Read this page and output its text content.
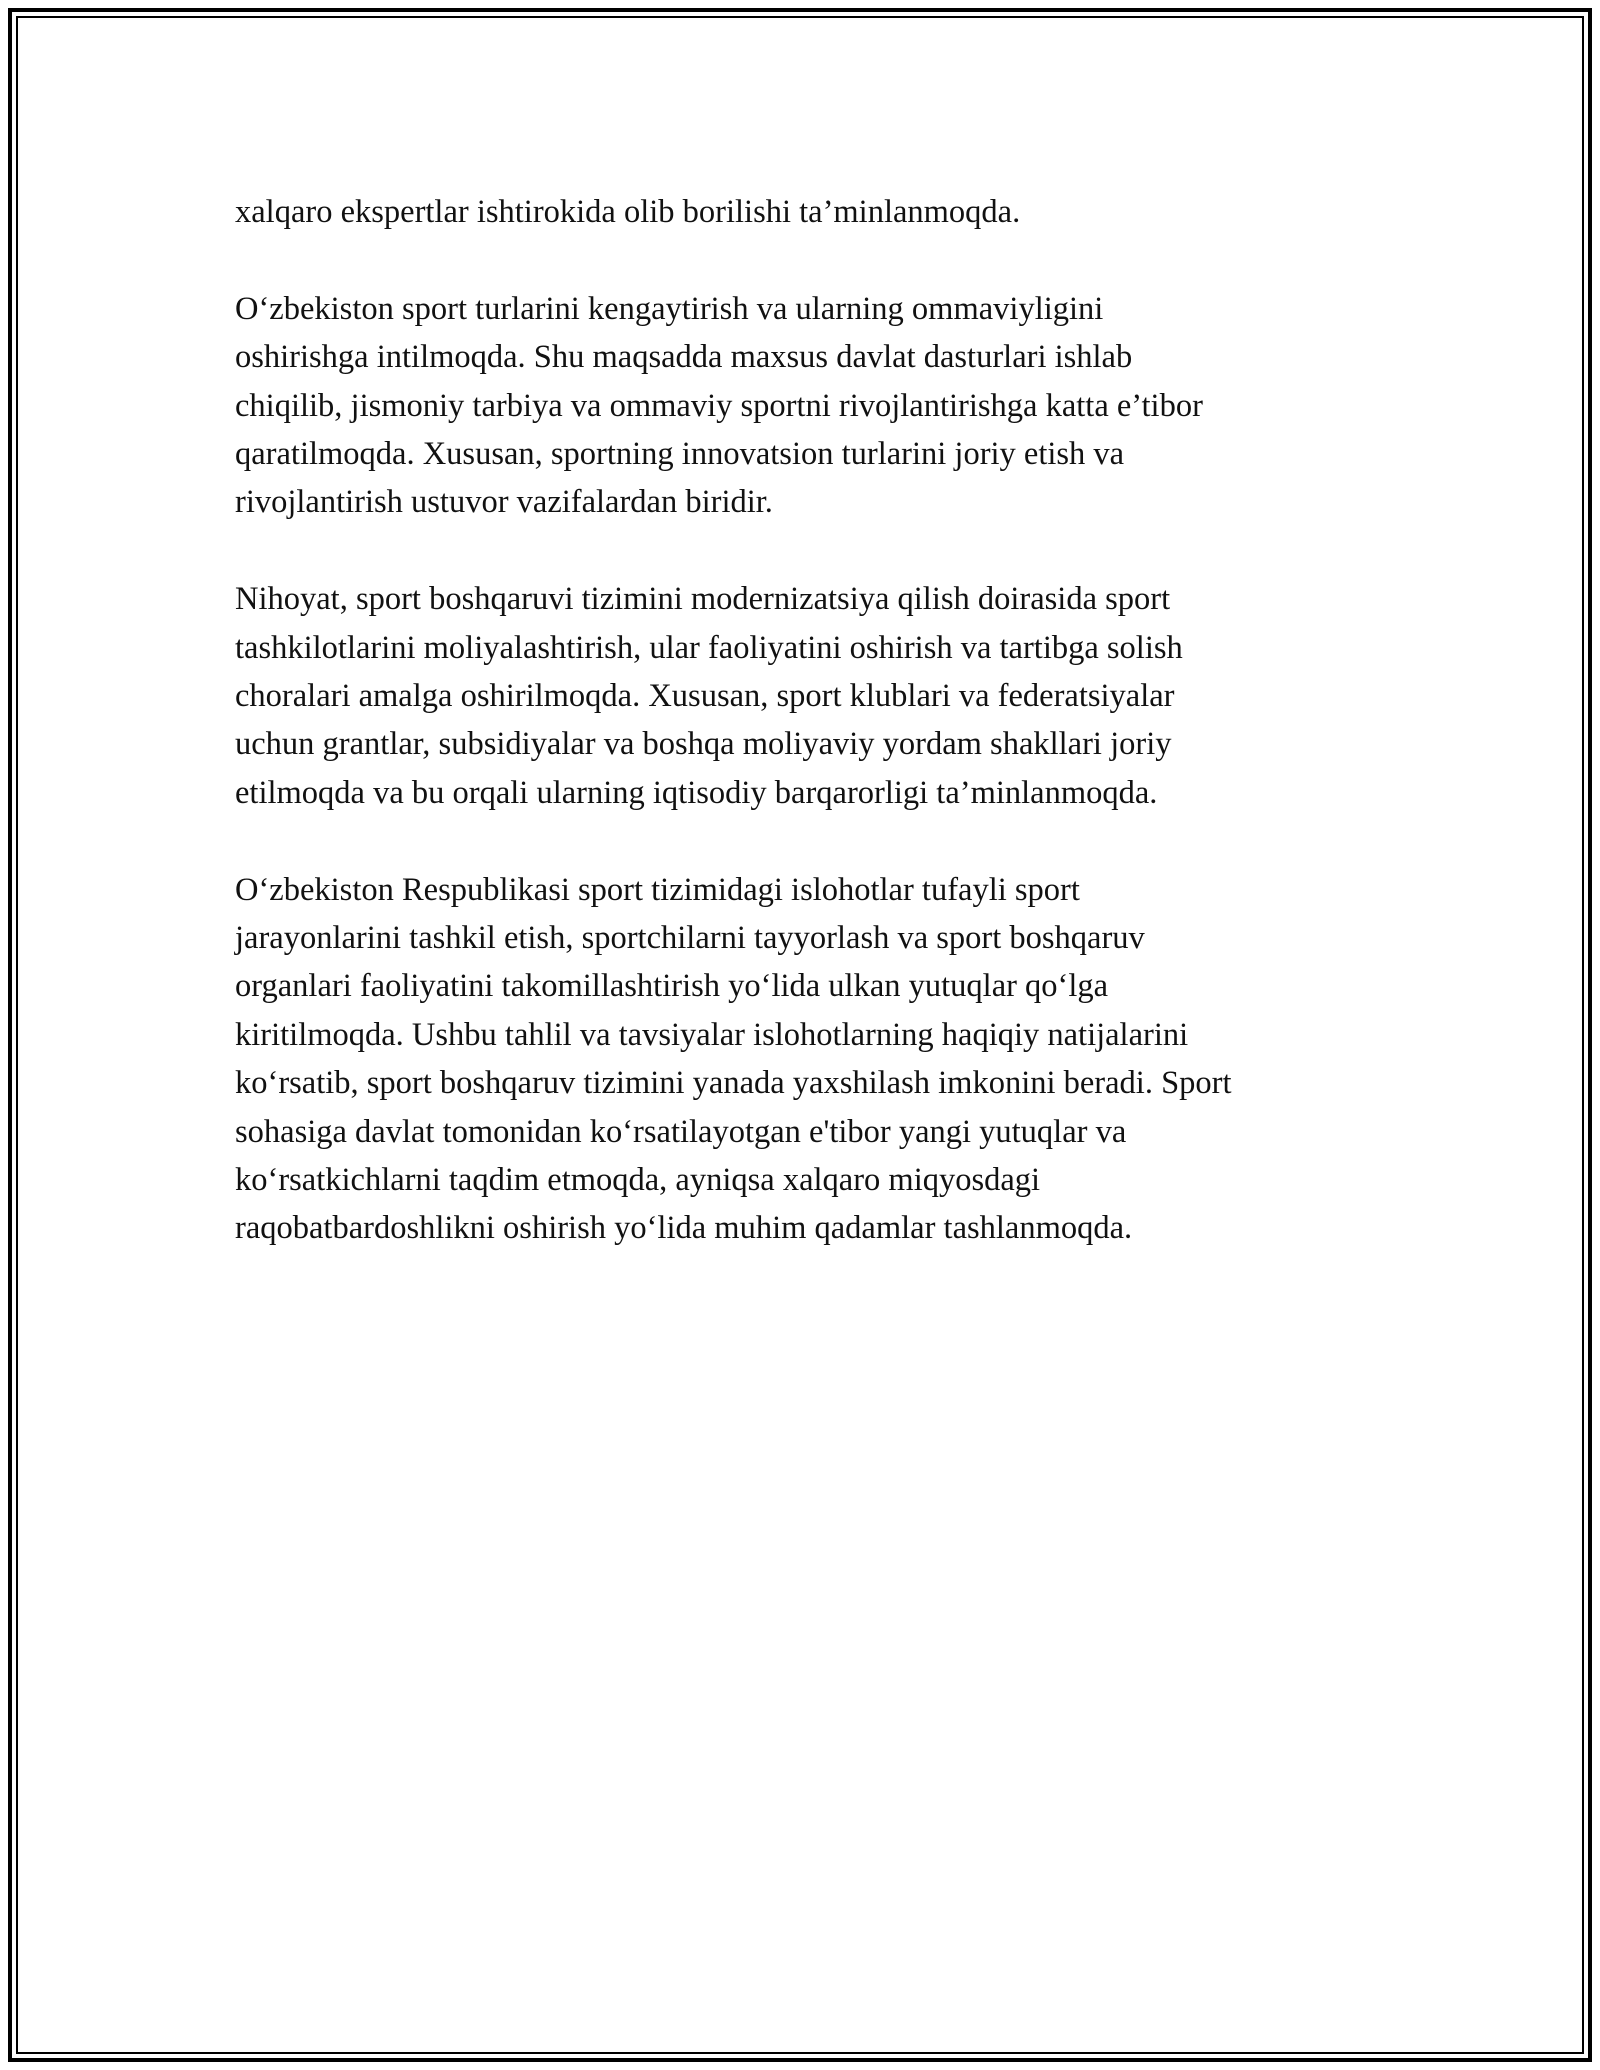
xalqaro ekspertlar ishtirokida olib borilishi ta’minlanmoqda.

O‘zbekiston sport turlarini kengaytirish va ularning ommaviyligini
oshirishga intilmoqda. Shu maqsadda maxsus davlat dasturlari ishlab
chiqilib, jismoniy tarbiya va ommaviy sportni rivojlantirishga katta e’tibor
qaratilmoqda. Xususan, sportning innovatsion turlarini joriy etish va
rivojlantirish ustuvor vazifalardan biridir.

Nihoyat, sport boshqaruvi tizimini modernizatsiya qilish doirasida sport
tashkilotlarini moliyalashtirish, ular faoliyatini oshirish va tartibga solish
choralari amalga oshirilmoqda. Xususan, sport klublari va federatsiyalar
uchun grantlar, subsidiyalar va boshqa moliyaviy yordam shakllari joriy
etilmoqda va bu orqali ularning iqtisodiy barqarorligi ta’minlanmoqda.

O‘zbekiston Respublikasi sport tizimidagi islohotlar tufayli sport
jarayonlarini tashkil etish, sportchilarni tayyorlash va sport boshqaruv
organlari faoliyatini takomillashtirish yo‘lida ulkan yutuqlar qo‘lga
kiritilmoqda. Ushbu tahlil va tavsiyalar islohotlarning haqiqiy natijalarini
ko‘rsatib, sport boshqaruv tizimini yanada yaxshilash imkonini beradi. Sport
sohasiga davlat tomonidan ko‘rsatilayotgan e'tibor yangi yutuqlar va
ko‘rsatkichlarni taqdim etmoqda, ayniqsa xalqaro miqyosdagi
raqobatbardoshlikni oshirish yo‘lida muhim qadamlar tashlanmoqda.
